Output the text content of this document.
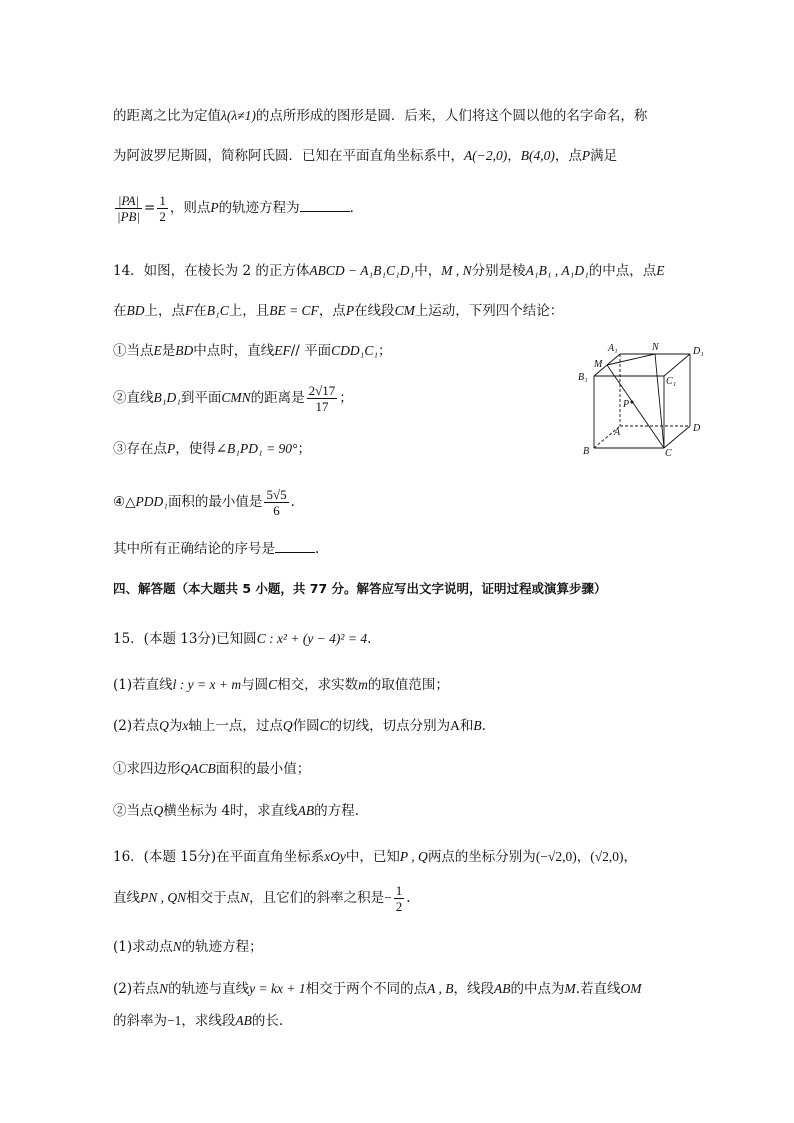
的距离之比为定值λ(λ≠1)的点所形成的图形是圆．后来，人们将这个圆以他的名字命名，称
为阿波罗尼斯圆，简称阿氏圆．已知在平面直角坐标系中，A(−2,0)，B(4,0)，点P满足
$\frac{|PA|}{|PB|} = \frac{1}{2}$ ，则点P的轨迹方程为	．
14．如图，在棱长为 2 的正方体ABCD − A₁B₁C₁D₁中，M , N分别是棱A₁B₁ , A₁D₁的中点，点E
在BD上，点F在B₁C上，且BE = CF，点P在线段CM上运动，下列四个结论：
①当点E是BD中点时，直线EF// 平面CDD₁C₁；
②直线B₁D₁到平面CMN的距离是 $\frac{2√17}{17}$ ；
③存在点P，使得∠B₁PD₁ = 90°；
④△PDD₁面积的最小值是 $\frac{5√5}{6}$ .
其中所有正确结论的序号是	.
A₁	N	D₁
M
B₁	C₁
P
A	D
B	C
四、解答题（本大题共 5 小题，共 77 分。解答应写出文字说明，证明过程或演算步骤）
15．(本题 13分)已知圆C : x² + (y − 4)² = 4.
(1)若直线l : y = x + m与圆C相交，求实数m的取值范围；
(2)若点Q为x轴上一点，过点Q作圆C的切线，切点分别为A和B.
①求四边形QACB面积的最小值；
②当点Q横坐标为 4时，求直线AB的方程.
16．(本题 15分)在平面直角坐标系xOy中，已知P , Q两点的坐标分别为(−√2,0)，(√2,0)，
直线PN , QN相交于点N，且它们的斜率之积是− $\frac{1}{2}$ .
(1)求动点N的轨迹方程；
(2)若点N的轨迹与直线y = kx + 1相交于两个不同的点A , B，线段AB的中点为M.若直线OM
的斜率为−1，求线段AB的长.
